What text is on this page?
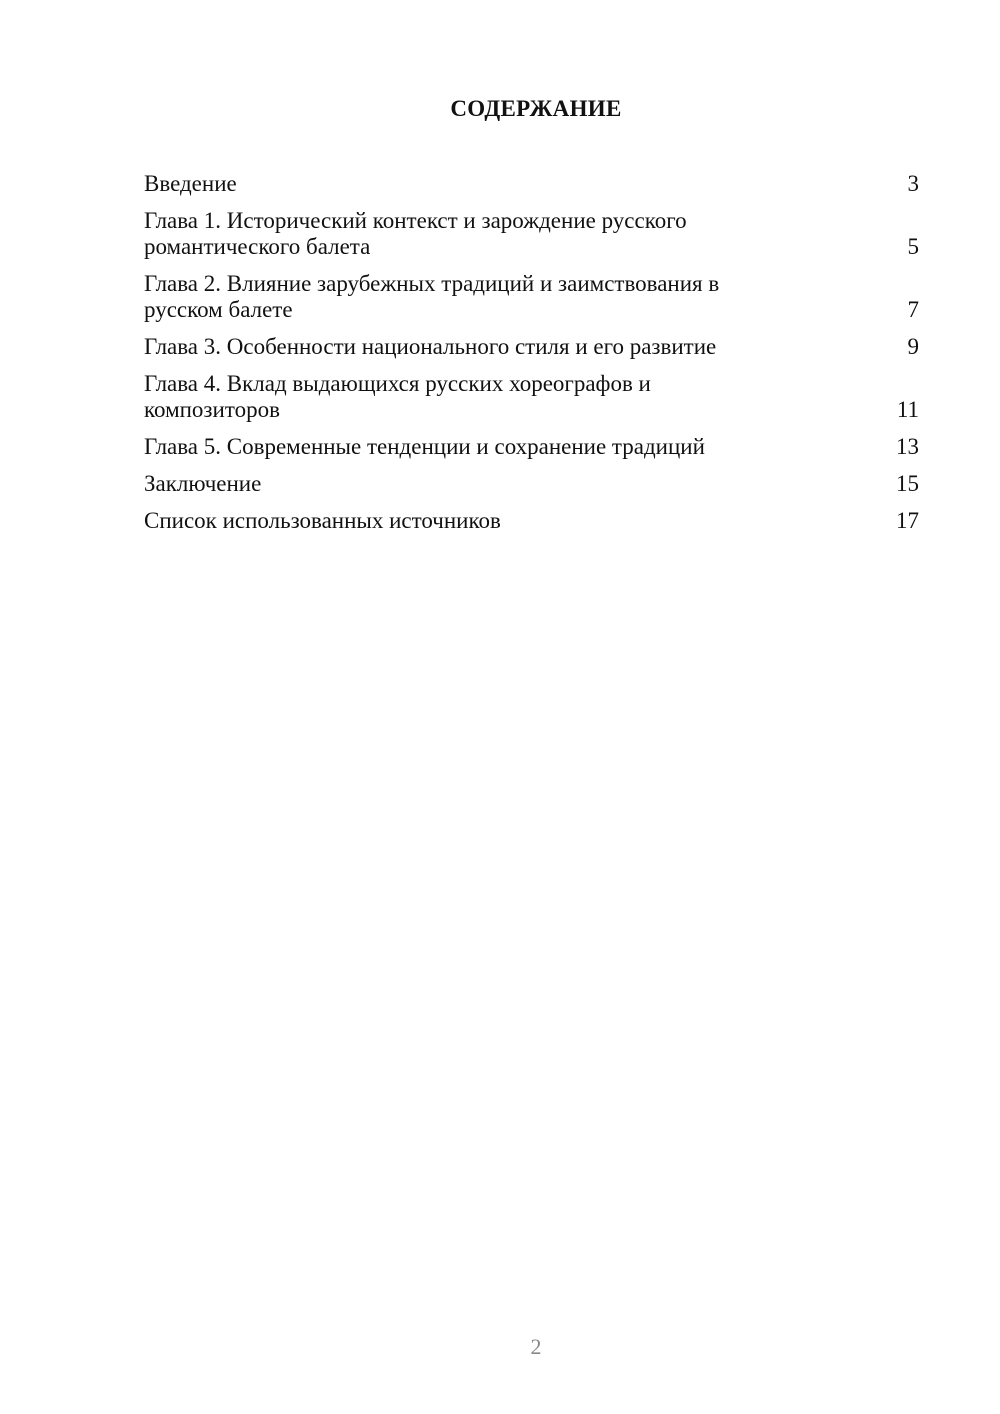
СОДЕРЖАНИЕ
Введение	3
Глава 1. Исторический контекст и зарождение русского
романтического балета	5
Глава 2. Влияние зарубежных традиций и заимствования в
русском балете	7
Глава 3. Особенности национального стиля и его развитие	9
Глава 4. Вклад выдающихся русских хореографов и
композиторов	11
Глава 5. Современные тенденции и сохранение традиций	13
Заключение	15
Список использованных источников	17
2
